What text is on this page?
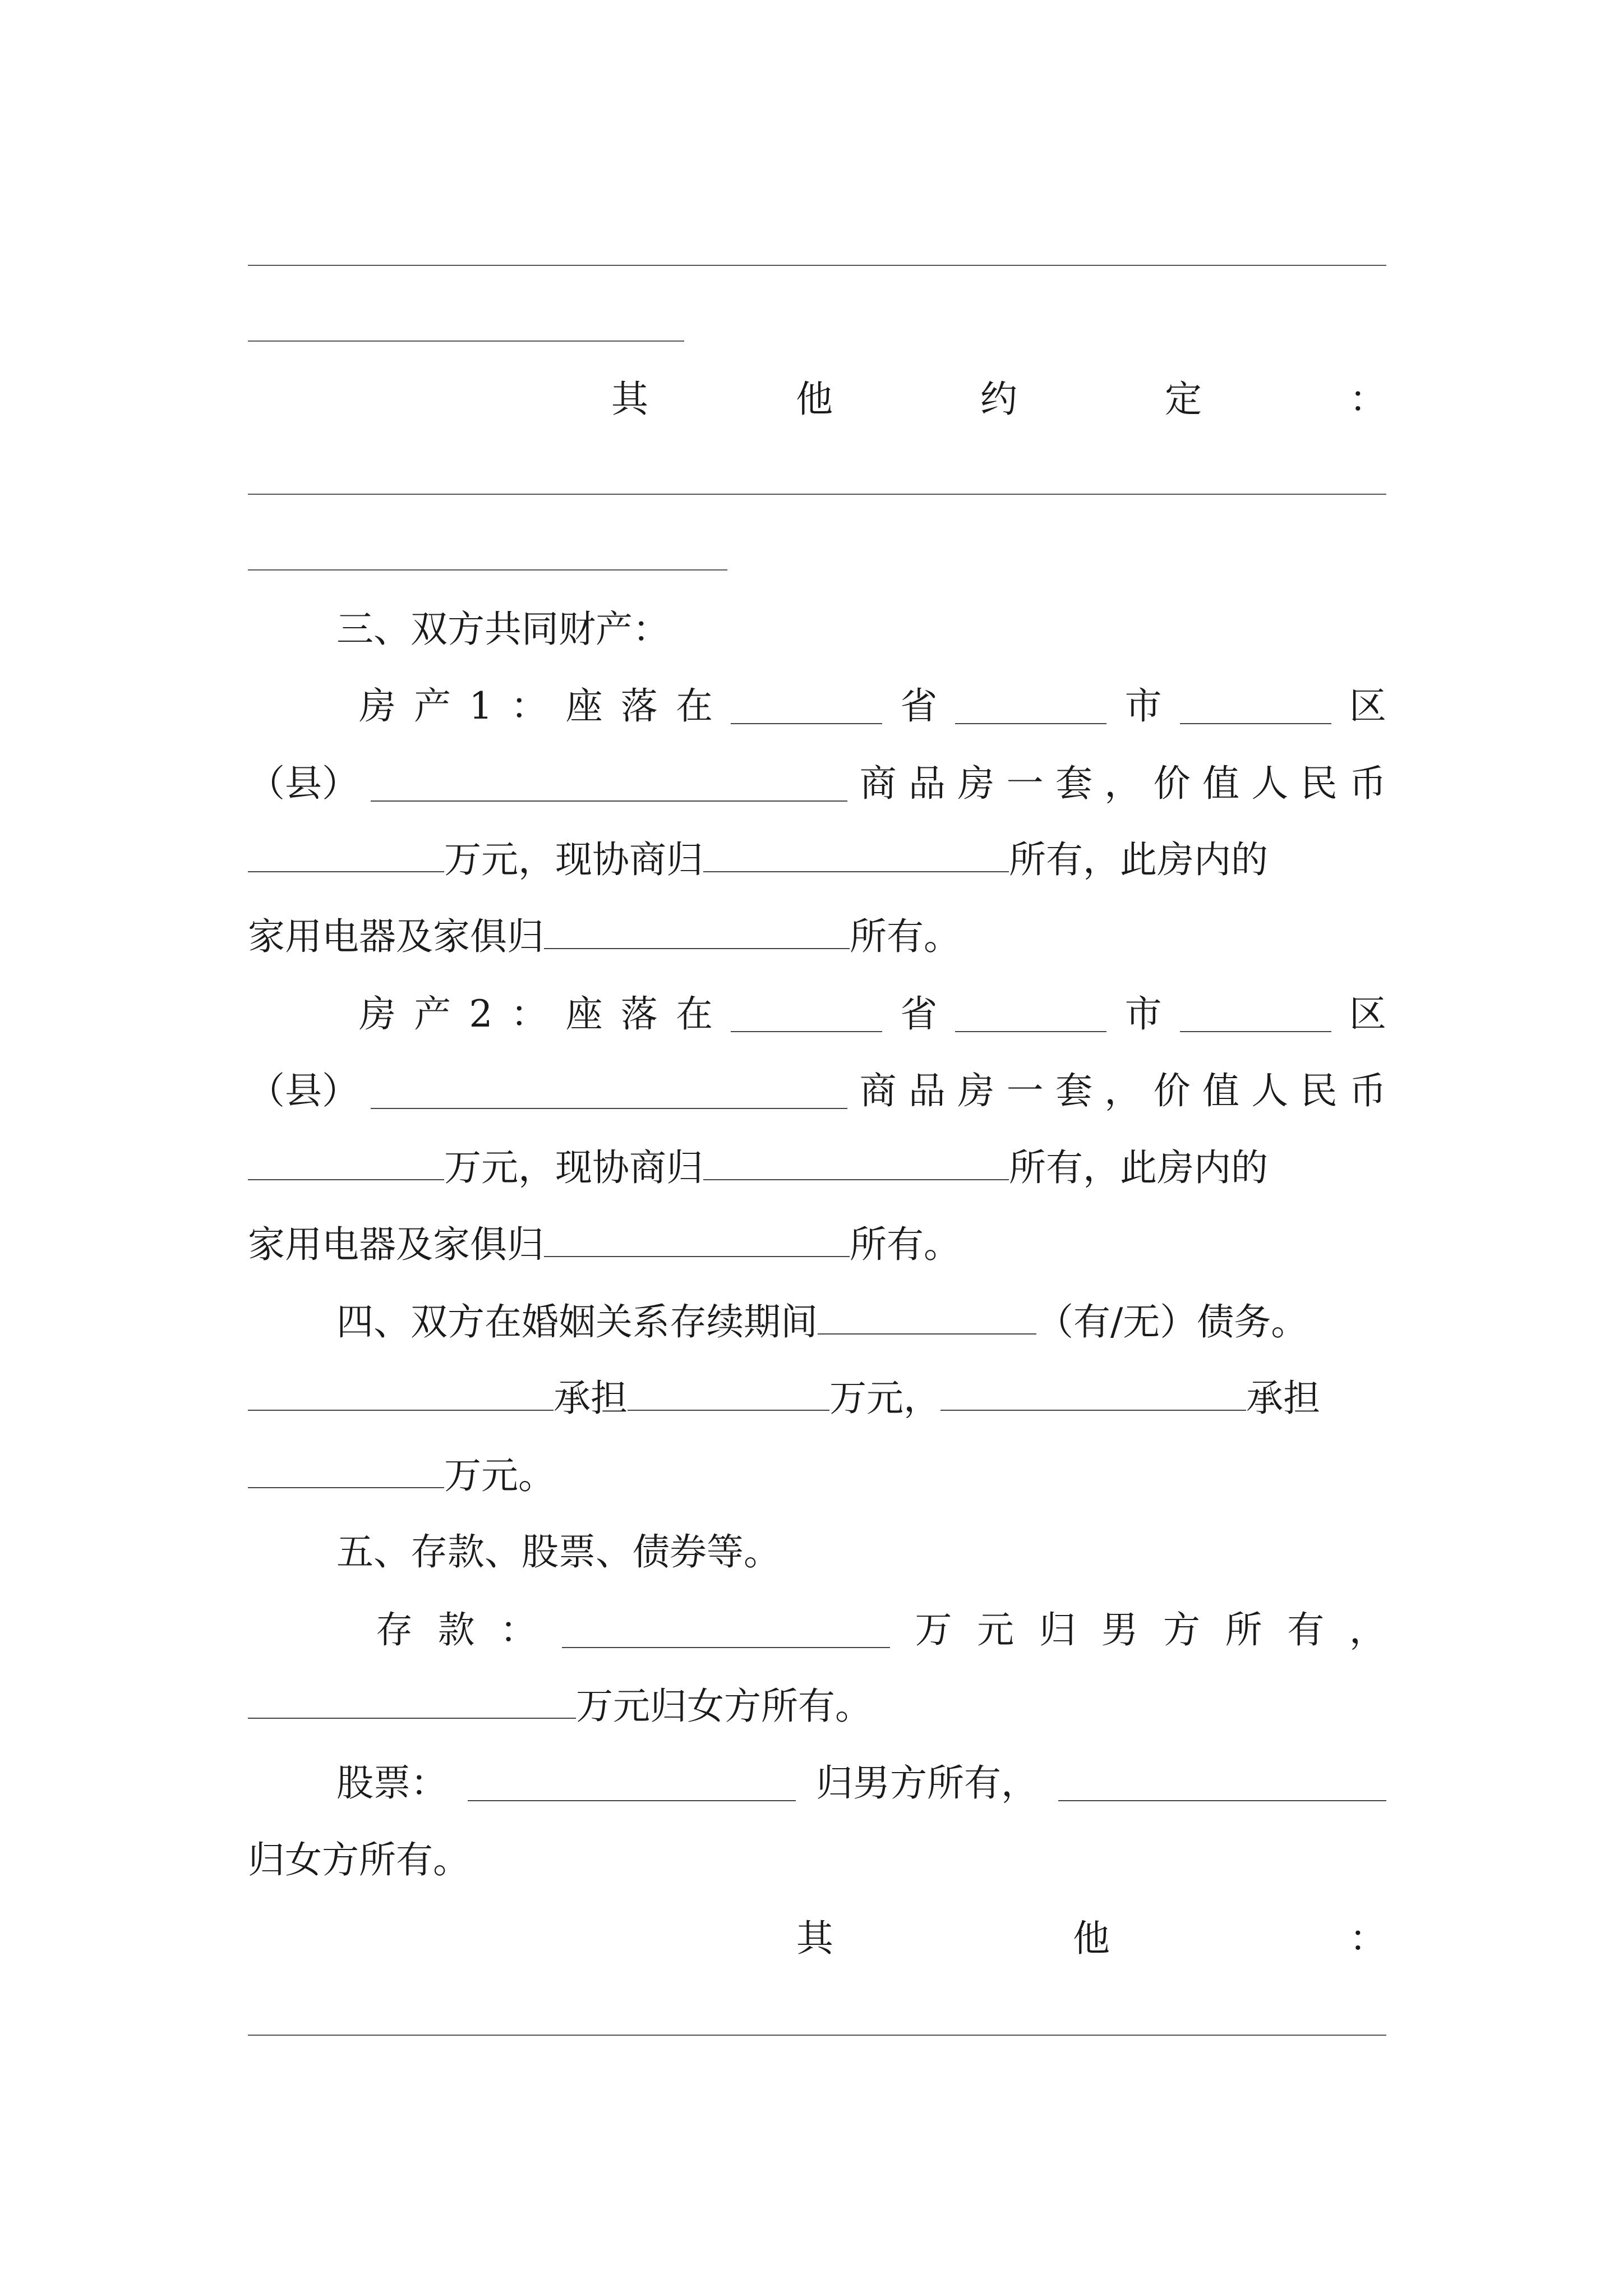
其	他	约	定	：
三、双方共同财产：
房 产 1 ： 座 落 在	省	市	区
（县）	商 品 房 一 套 ， 价 值 人 民 币
万元，现协商归	所有，此房内的
家用电器及家俱归	所有。
房 产 2 ： 座 落 在	省	市	区
（县）	商 品 房 一 套 ， 价 值 人 民 币
万元，现协商归	所有，此房内的
家用电器及家俱归	所有。
四、双方在婚姻关系存续期间	（有/无）债务。
承担	万元，	承担
万元。
五、存款、股票、债券等。
存 款 ：	万 元 归 男 方 所 有 ，
万元归女方所有。
股票：	归男方所有，
归女方所有。
其	他	：
